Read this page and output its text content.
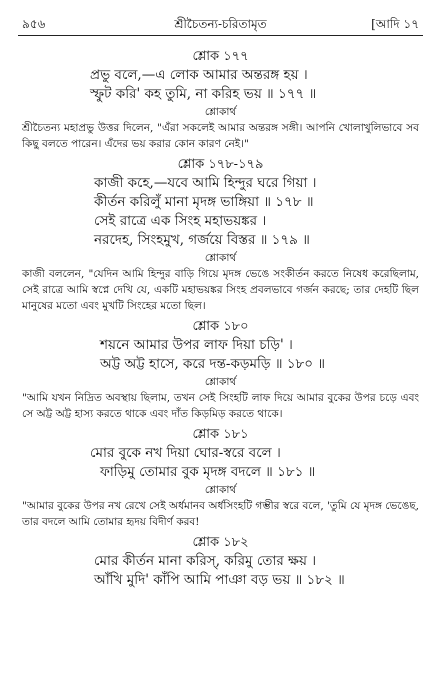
৯৫৬	শ্রীচৈতন্য-চরিতামৃত	[আদি ১৭
শ্লোক ১৭৭
প্রভু বলে,—এ লোক আমার অন্তরঙ্গ হয় ।
স্ফুট করি' কহ তুমি, না করিহ ভয় ॥ ১৭৭ ॥
শ্লোকার্থ
শ্রীচৈতন্য মহাপ্রভু উত্তর দিলেন, "এঁরা সকলেই আমার অন্তরঙ্গ সঙ্গী। আপনি খোলাখুলিভাবে সব কিছু বলতে পারেন। এঁদের ভয় করার কোন কারণ নেই।"
শ্লোক ১৭৮-১৭৯
কাজী কহে,—যবে আমি হিন্দুর ঘরে গিয়া ।
কীর্তন করিলুঁ মানা মৃদঙ্গ ভাঙ্গিয়া ॥ ১৭৮ ॥
সেই রাত্রে এক সিংহ মহাভয়ঙ্কর ।
নরদেহ, সিংহমুখ, গর্জয়ে বিস্তর ॥ ১৭৯ ॥
শ্লোকার্থ
কাজী বললেন, "যেদিন আমি হিন্দুর বাড়ি গিয়ে মৃদঙ্গ ভেঙে সংকীর্তন করতে নিষেধ করেছিলাম, সেই রাত্রে আমি স্বপ্নে দেখি যে, একটি মহাভয়ঙ্কর সিংহ প্রবলভাবে গর্জন করছে; তার দেহটি ছিল মানুষের মতো এবং মুখটি সিংহের মতো ছিল।
শ্লোক ১৮০
শয়নে আমার উপর লাফ দিয়া চড়ি' ।
অট্ট অট্ট হাসে, করে দন্ত-কড়মড়ি ॥ ১৮০ ॥
শ্লোকার্থ
"আমি যখন নিদ্রিত অবস্থায় ছিলাম, তখন সেই সিংহটি লাফ দিয়ে আমার বুকের উপর চড়ে এবং সে অট্ট অট্ট হাস্য করতে থাকে এবং দাঁত কিড়মিড় করতে থাকে।
শ্লোক ১৮১
মোর বুকে নখ দিয়া ঘোর-স্বরে বলে ।
ফাড়িমু তোমার বুক মৃদঙ্গ বদলে ॥ ১৮১ ॥
শ্লোকার্থ
"আমার বুকের উপর নখ রেখে সেই অর্ধমানব অর্ধসিংহটি গম্ভীর স্বরে বলে, 'তুমি যে মৃদঙ্গ ভেঙেছ, তার বদলে আমি তোমার হৃদয় বিদীর্ণ করব!
শ্লোক ১৮২
মোর কীর্তন মানা করিস্‌, করিমু তোর ক্ষয় ।
আঁখি মুদি' কাঁপি আমি পাঞা বড় ভয় ॥ ১৮২ ॥
